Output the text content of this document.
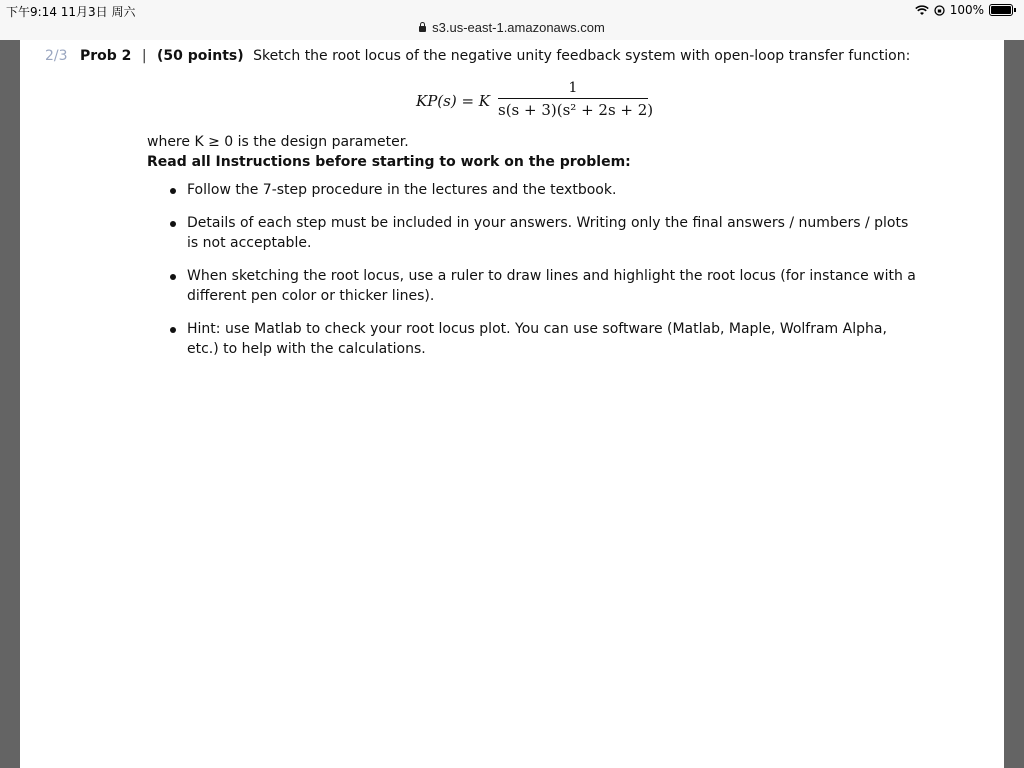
下午9:14 11月3日 周六	100%
s3.us-east-1.amazonaws.com
2/3 Prob 2 | (50 points) Sketch the root locus of the negative unity feedback system with open-loop transfer function:
KP(s) = K
1
s(s + 3)(s² + 2s + 2)
where K ≥ 0 is the design parameter.
Read all Instructions before starting to work on the problem:
Follow the 7-step procedure in the lectures and the textbook.
Details of each step must be included in your answers. Writing only the final answers / numbers / plots is not acceptable.
When sketching the root locus, use a ruler to draw lines and highlight the root locus (for instance with a different pen color or thicker lines).
Hint: use Matlab to check your root locus plot. You can use software (Matlab, Maple, Wolfram Alpha, etc.) to help with the calculations.
